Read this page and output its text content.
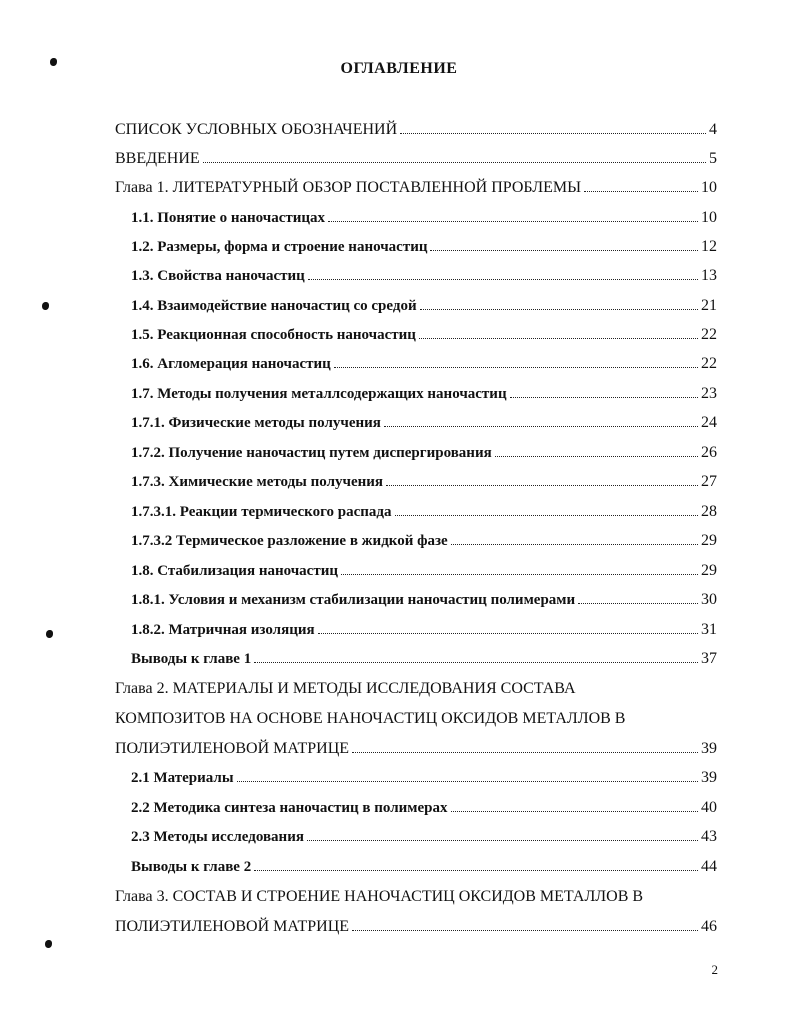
ОГЛАВЛЕНИЕ
СПИСОК УСЛОВНЫХ ОБОЗНАЧЕНИЙ	4
ВВЕДЕНИЕ	5
Глава 1. ЛИТЕРАТУРНЫЙ ОБЗОР ПОСТАВЛЕННОЙ ПРОБЛЕМЫ	10
1.1. Понятие о наночастицах	10
1.2. Размеры, форма и строение наночастиц	12
1.3. Свойства наночастиц	13
1.4. Взаимодействие наночастиц со средой	21
1.5. Реакционная способность наночастиц	22
1.6. Агломерация наночастиц	22
1.7. Методы получения металлсодержащих наночастиц	23
1.7.1. Физические методы получения	24
1.7.2. Получение наночастиц путем диспергирования	26
1.7.3. Химические методы получения	27
1.7.3.1. Реакции термического распада	28
1.7.3.2 Термическое разложение в жидкой фазе	29
1.8. Стабилизация наночастиц	29
1.8.1. Условия и механизм стабилизации наночастиц полимерами	30
1.8.2. Матричная изоляция	31
Выводы к главе 1	37
Глава 2. МАТЕРИАЛЫ И МЕТОДЫ ИССЛЕДОВАНИЯ СОСТАВА
КОМПОЗИТОВ НА ОСНОВЕ НАНОЧАСТИЦ ОКСИДОВ МЕТАЛЛОВ В
ПОЛИЭТИЛЕНОВОЙ МАТРИЦЕ	39
2.1 Материалы	39
2.2 Методика синтеза наночастиц в полимерах	40
2.3 Методы исследования	43
Выводы к главе 2	44
Глава 3. СОСТАВ И СТРОЕНИЕ НАНОЧАСТИЦ ОКСИДОВ МЕТАЛЛОВ В
ПОЛИЭТИЛЕНОВОЙ МАТРИЦЕ	46
2
